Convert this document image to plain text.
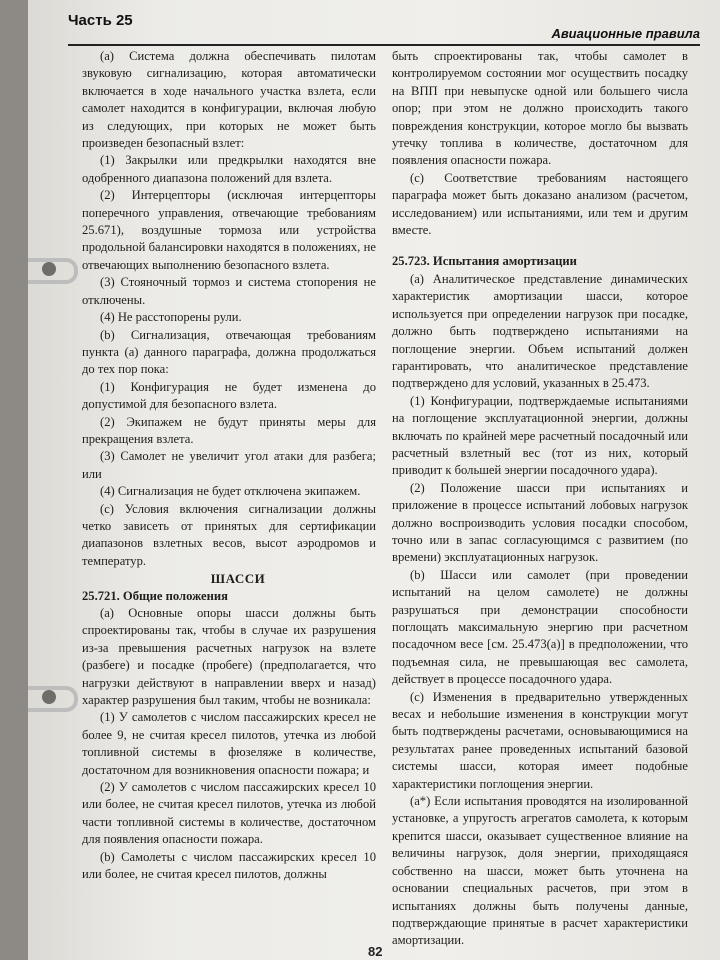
Часть 25
Авиационные правила

(а) Система должна обеспечивать пилотам звуковую сигнализацию, которая автоматически включается в ходе начального участка взлета, если самолет находится в конфигурации, включая любую из следующих, при которых не может быть произведен безопасный взлет:

(1) Закрылки или предкрылки находятся вне одобренного диапазона положений для взлета.

(2) Интерцепторы (исключая интерцепторы поперечного управления, отвечающие требованиям 25.671), воздушные тормоза или устройства продольной балансировки находятся в положениях, не отвечающих выполнению безопасного взлета.

(3) Стояночный тормоз и система стопорения не отключены.

(4) Не расстопорены рули.

(b) Сигнализация, отвечающая требованиям пункта (а) данного параграфа, должна продолжаться до тех пор пока:

(1) Конфигурация не будет изменена до допустимой для безопасного взлета.

(2) Экипажем не будут приняты меры для прекращения взлета.

(3) Самолет не увеличит угол атаки для разбега; или

(4) Сигнализация не будет отключена экипажем.

(с) Условия включения сигнализации должны четко зависеть от принятых для сертификации диапазонов взлетных весов, высот аэродромов и температур.

ШАССИ

25.721. Общие положения

(а) Основные опоры шасси должны быть спроектированы так, чтобы в случае их разрушения из-за превышения расчетных нагрузок на взлете (разбеге) и посадке (пробеге) (предполагается, что нагрузки действуют в направлении вверх и назад) характер разрушения был таким, чтобы не возникала:

(1) У самолетов с числом пассажирских кресел не более 9, не считая кресел пилотов, утечка из любой топливной системы в фюзеляже в количестве, достаточном для возникновения опасности пожара; и

(2) У самолетов с числом пассажирских кресел 10 или более, не считая кресел пилотов, утечка из любой части топливной системы в количестве, достаточном для появления опасности пожара.

(b) Самолеты с числом пассажирских кресел 10 или более, не считая кресел пилотов, должны

быть спроектированы так, чтобы самолет в контролируемом состоянии мог осуществить посадку на ВПП при невыпуске одной или большего числа опор; при этом не должно происходить такого повреждения конструкции, которое могло бы вызвать утечку топлива в количестве, достаточном для появления опасности пожара.

(с) Соответствие требованиям настоящего параграфа может быть доказано анализом (расчетом, исследованием) или испытаниями, или тем и другим вместе.

25.723. Испытания амортизации

(а) Аналитическое представление динамических характеристик амортизации шасси, которое используется при определении нагрузок при посадке, должно быть подтверждено испытаниями на поглощение энергии. Объем испытаний должен гарантировать, что аналитическое представление подтверждено для условий, указанных в 25.473.

(1) Конфигурации, подтверждаемые испытаниями на поглощение эксплуатационной энергии, должны включать по крайней мере расчетный посадочный или расчетный взлетный вес (тот из них, который приводит к большей энергии посадочного удара).

(2) Положение шасси при испытаниях и приложение в процессе испытаний лобовых нагрузок должно воспроизводить условия посадки способом, точно или в запас согласующимся с развитием (по времени) эксплуатационных нагрузок.

(b) Шасси или самолет (при проведении испытаний на целом самолете) не должны разрушаться при демонстрации способности поглощать максимальную энергию при расчетном посадочном весе [см. 25.473(а)] в предположении, что подъемная сила, не превышающая вес самолета, действует в процессе посадочного удара.

(с) Изменения в предварительно утвержденных весах и небольшие изменения в конструкции могут быть подтверждены расчетами, основывающимися на результатах ранее проведенных испытаний базовой системы шасси, которая имеет подобные характеристики поглощения энергии.

(а*) Если испытания проводятся на изолированной установке, а упругость агрегатов самолета, к которым крепится шасси, оказывает существенное влияние на величины нагрузок, доля энергии, приходящаяся собственно на шасси, может быть уточнена на основании специальных расчетов, при этом в испытаниях должны быть получены данные, подтверждающие принятые в расчет характеристики амортизации.

82
